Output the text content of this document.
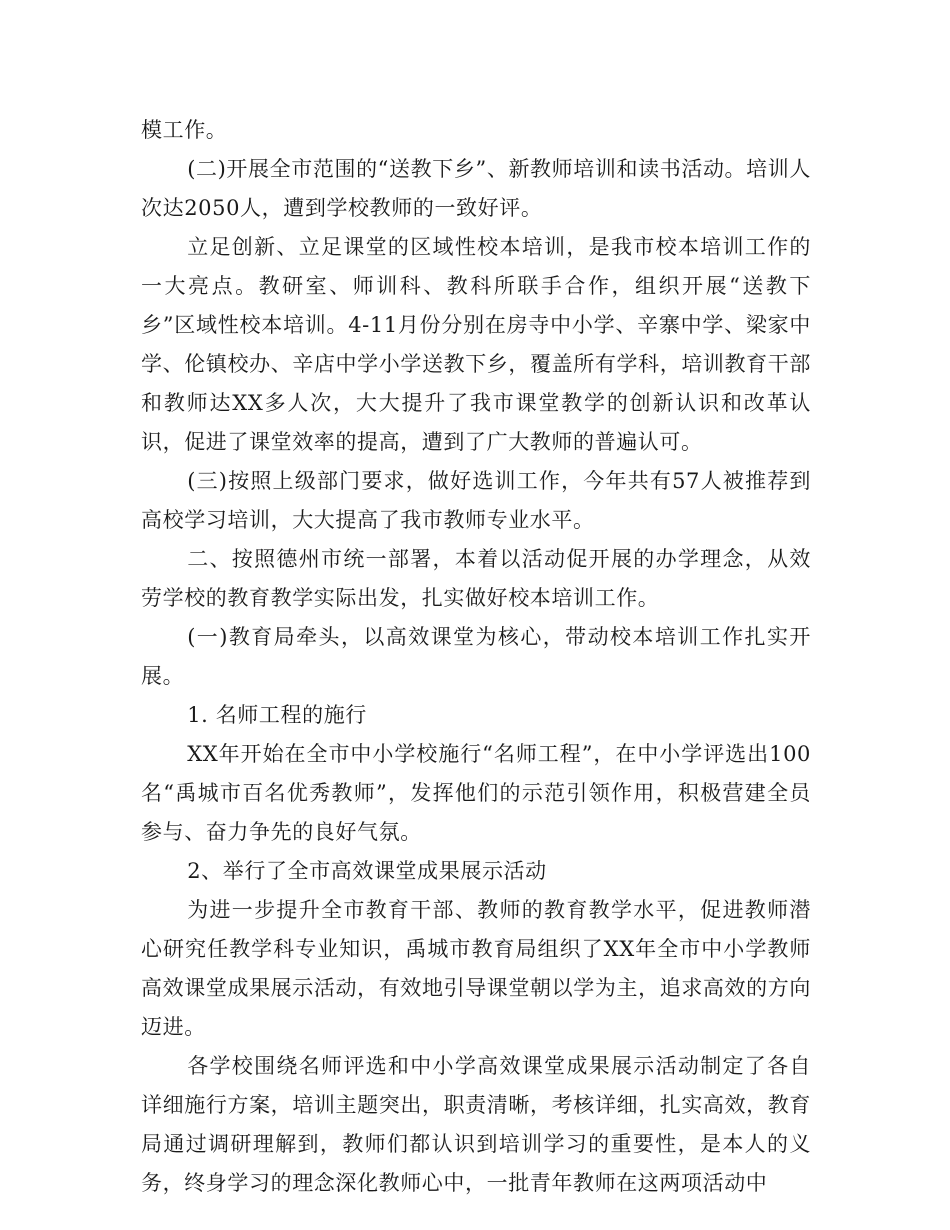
模工作。

(二)开展全市范围的“送教下乡”、新教师培训和读书活动。培训人次达2050人，遭到学校教师的一致好评。

立足创新、立足课堂的区域性校本培训，是我市校本培训工作的一大亮点。教研室、师训科、教科所联手合作，组织开展“送教下乡”区域性校本培训。4-11月份分别在房寺中小学、辛寨中学、梁家中学、伦镇校办、辛店中学小学送教下乡，覆盖所有学科，培训教育干部和教师达XX多人次，大大提升了我市课堂教学的创新认识和改革认识，促进了课堂效率的提高，遭到了广大教师的普遍认可。

(三)按照上级部门要求，做好选训工作，今年共有57人被推荐到高校学习培训，大大提高了我市教师专业水平。

二、按照德州市统一部署，本着以活动促开展的办学理念，从效劳学校的教育教学实际出发，扎实做好校本培训工作。

(一)教育局牵头，以高效课堂为核心，带动校本培训工作扎实开展。

1. 名师工程的施行

XX年开始在全市中小学校施行“名师工程”，在中小学评选出100名“禹城市百名优秀教师”，发挥他们的示范引领作用，积极营建全员参与、奋力争先的良好气氛。

2、举行了全市高效课堂成果展示活动

为进一步提升全市教育干部、教师的教育教学水平，促进教师潜心研究任教学科专业知识，禹城市教育局组织了XX年全市中小学教师高效课堂成果展示活动，有效地引导课堂朝以学为主，追求高效的方向迈进。

各学校围绕名师评选和中小学高效课堂成果展示活动制定了各自详细施行方案，培训主题突出，职责清晰，考核详细，扎实高效，教育局通过调研理解到，教师们都认识到培训学习的重要性，是本人的义务，终身学习的理念深化教师心中，一批青年教师在这两项活动中
